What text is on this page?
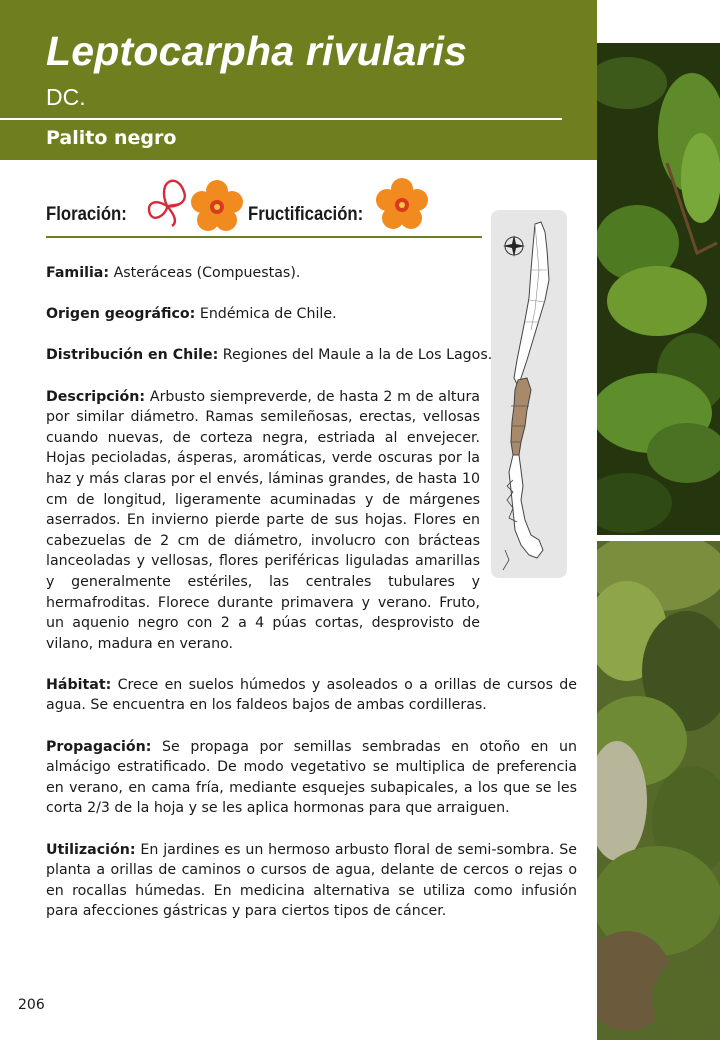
Leptocarpha rivularis
DC.
Palito negro
Floración:	Fructificación:

Familia: Asteráceas (Compuestas).

Origen geográfico: Endémica de Chile.

Distribución en Chile: Regiones del Maule a la de Los Lagos.

Descripción: Arbusto siempreverde, de hasta 2 m de altura por similar diámetro. Ramas semileñosas, erectas, vellosas cuando nuevas, de corteza negra, estriada al envejecer. Hojas pecioladas, ásperas, aromáticas, verde oscuras por la haz y más claras por el envés, láminas grandes, de hasta 10 cm de longitud, ligeramente acuminadas y de márgenes aserrados. En invierno pierde parte de sus hojas. Flores en cabezuelas de 2 cm de diámetro, involucro con brácteas lanceoladas y vellosas, flores periféricas liguladas amarillas y generalmente estériles, las centrales tubulares y hermafroditas. Florece durante primavera y verano. Fruto, un aquenio negro con 2 a 4 púas cortas, desprovisto de vilano, madura en verano.

Hábitat: Crece en suelos húmedos y asoleados o a orillas de cursos de agua. Se encuentra en los faldeos bajos de ambas cordilleras.

Propagación: Se propaga por semillas sembradas en otoño en un almácigo estratificado. De modo vegetativo se multiplica de preferencia en verano, en cama fría, mediante esquejes subapicales, a los que se les corta 2/3 de la hoja y se les aplica hormonas para que arraiguen.

Utilización: En jardines es un hermoso arbusto floral de semi-sombra. Se planta a orillas de caminos o cursos de agua, delante de cercos o rejas o en rocallas húmedas. En medicina alternativa se utiliza como infusión para afecciones gástricas y para ciertos tipos de cáncer.

206
